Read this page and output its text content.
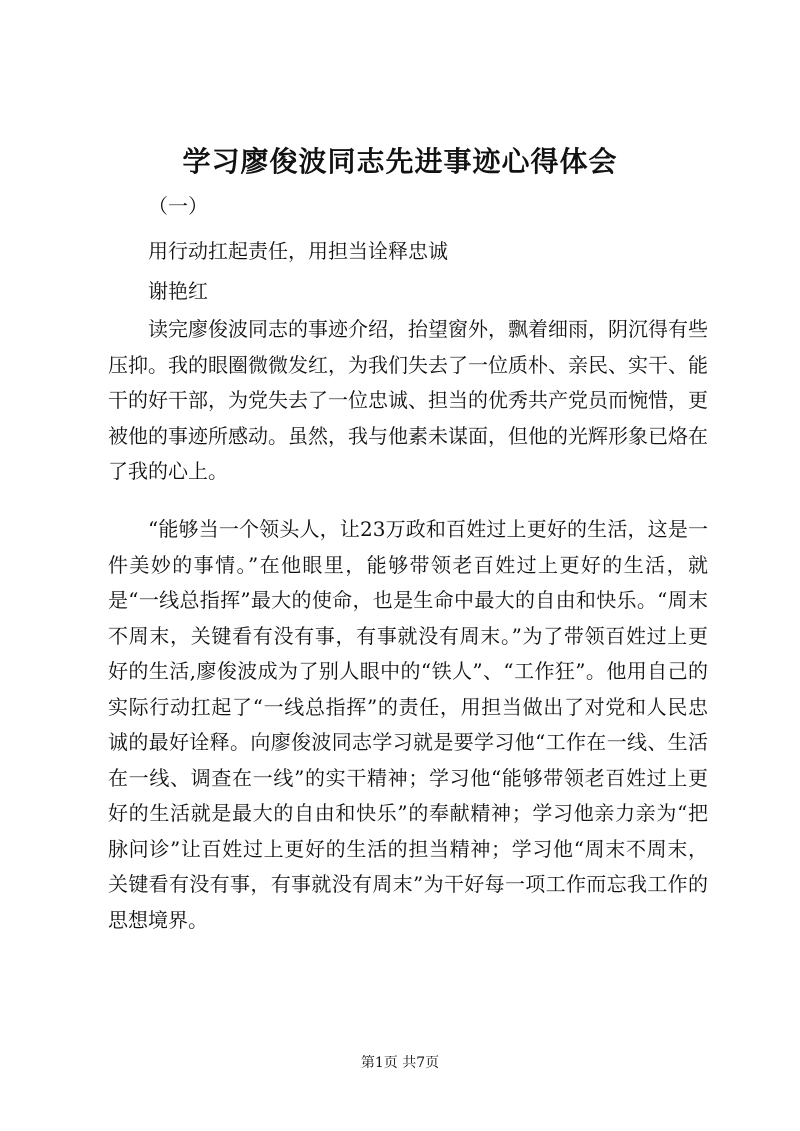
学习廖俊波同志先进事迹心得体会

（一）

用行动扛起责任，用担当诠释忠诚

谢艳红

读完廖俊波同志的事迹介绍，抬望窗外，飘着细雨，阴沉得有些压抑。我的眼圈微微发红，为我们失去了一位质朴、亲民、实干、能干的好干部，为党失去了一位忠诚、担当的优秀共产党员而惋惜，更被他的事迹所感动。虽然，我与他素未谋面，但他的光辉形象已烙在了我的心上。

“能够当一个领头人，让23万政和百姓过上更好的生活，这是一件美妙的事情。”在他眼里，能够带领老百姓过上更好的生活，就是“一线总指挥”最大的使命，也是生命中最大的自由和快乐。“周末不周末，关键看有没有事，有事就没有周末。”为了带领百姓过上更好的生活,廖俊波成为了别人眼中的“铁人”、“工作狂”。他用自己的实际行动扛起了“一线总指挥”的责任，用担当做出了对党和人民忠诚的最好诠释。向廖俊波同志学习就是要学习他“工作在一线、生活在一线、调查在一线”的实干精神；学习他“能够带领老百姓过上更好的生活就是最大的自由和快乐”的奉献精神；学习他亲力亲为“把脉问诊”让百姓过上更好的生活的担当精神；学习他“周末不周末，关键看有没有事，有事就没有周末”为干好每一项工作而忘我工作的思想境界。

第1页 共7页
